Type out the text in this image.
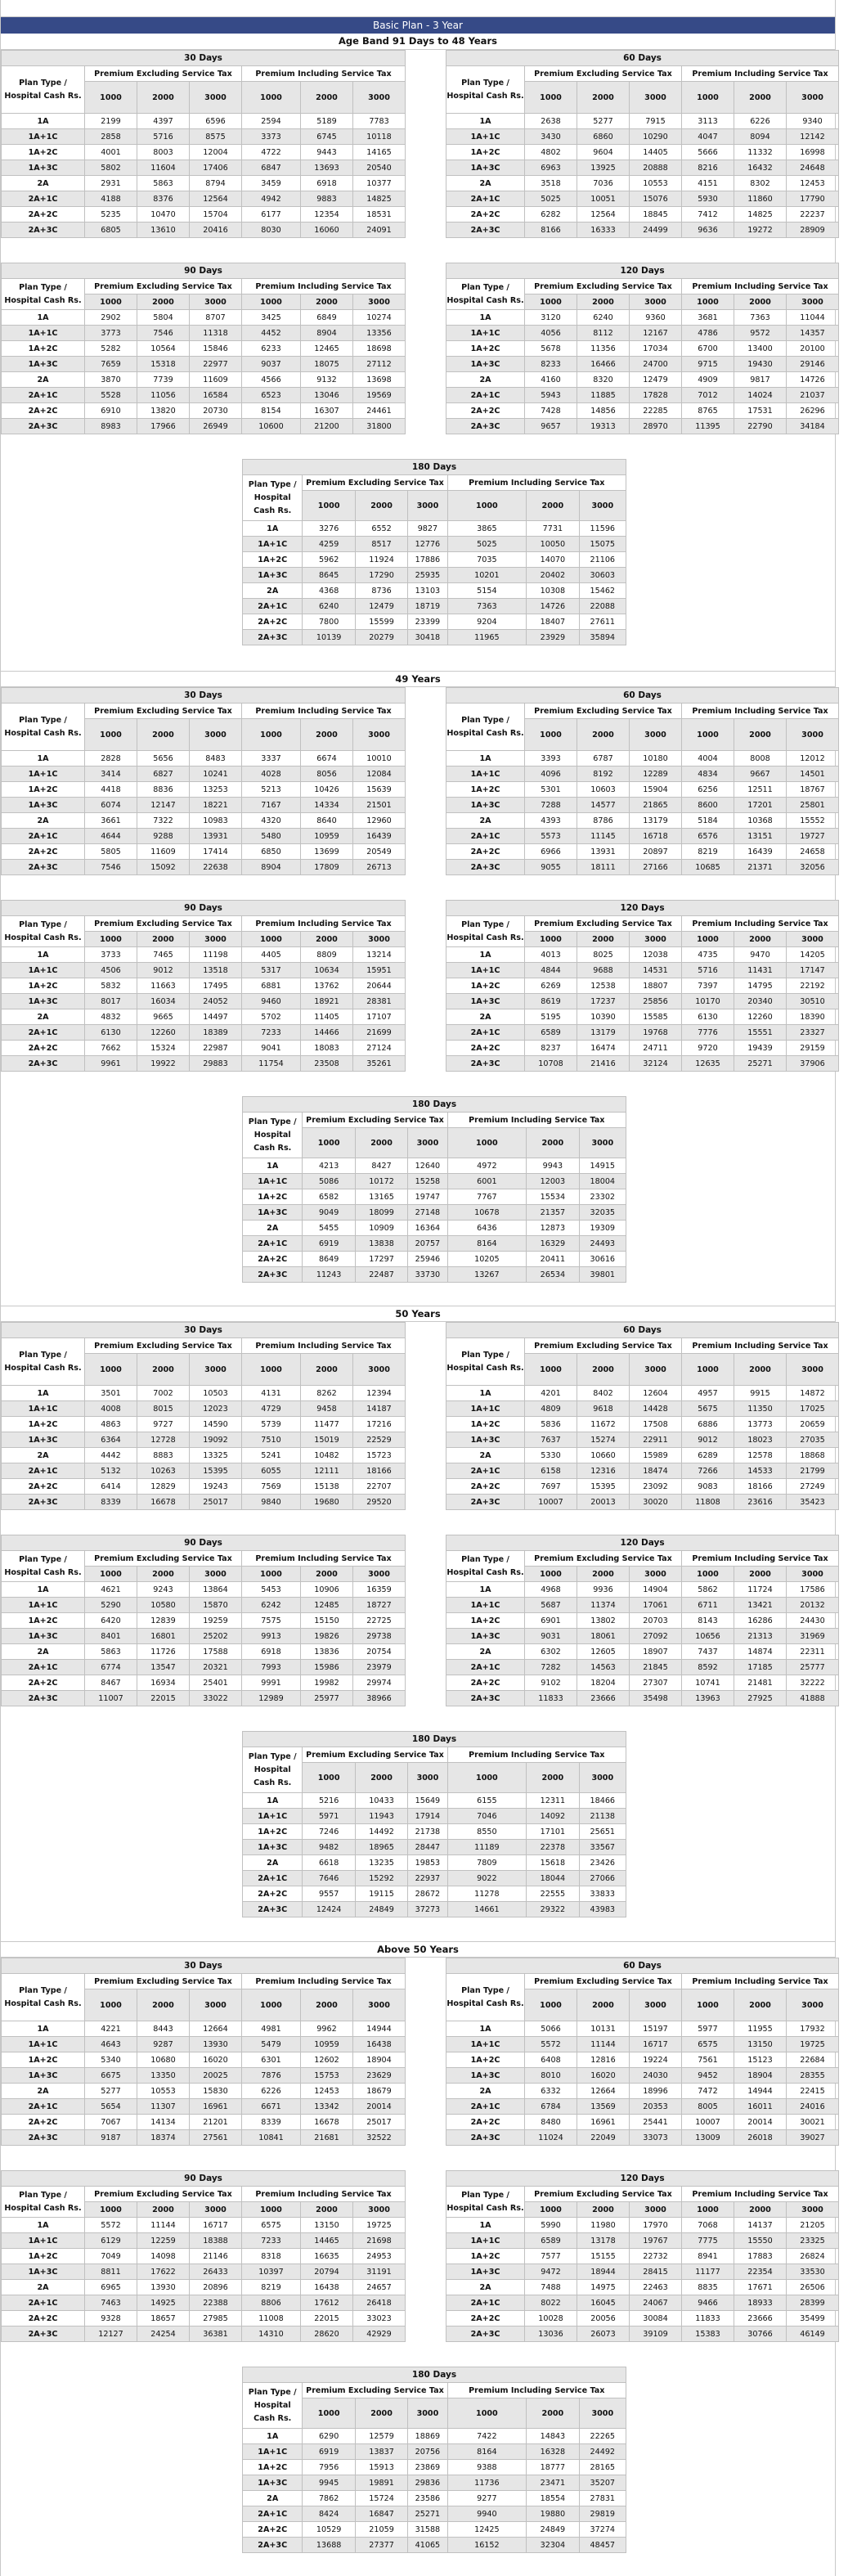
Basic Plan - 3 Year
Age Band 91 Days to 48 Years
30 Days						

Plan Type /
Hospital Cash Rs.	Premium Excluding Service Tax			Premium Including Service Tax		
	1000	2000	3000	1000	2000	3000
1A	2199	4397	6596	2594	5189	7783
1A+1C	2858	5716	8575	3373	6745	10118
1A+2C	4001	8003	12004	4722	9443	14165
1A+3C	5802	11604	17406	6847	13693	20540
2A	2931	5863	8794	3459	6918	10377
2A+1C	4188	8376	12564	4942	9883	14825
2A+2C	5235	10470	15704	6177	12354	18531
2A+3C	6805	13610	20416	8030	16060	24091
60 Days						

Plan Type /
Hospital Cash Rs.	Premium Excluding Service Tax			Premium Including Service Tax		
	1000	2000	3000	1000	2000	3000
1A	2638	5277	7915	3113	6226	9340
1A+1C	3430	6860	10290	4047	8094	12142
1A+2C	4802	9604	14405	5666	11332	16998
1A+3C	6963	13925	20888	8216	16432	24648
2A	3518	7036	10553	4151	8302	12453
2A+1C	5025	10051	15076	5930	11860	17790
2A+2C	6282	12564	18845	7412	14825	22237
2A+3C	8166	16333	24499	9636	19272	28909
90 Days						

Plan Type /
Hospital Cash Rs.	Premium Excluding Service Tax			Premium Including Service Tax		
	1000	2000	3000	1000	2000	3000
1A	2902	5804	8707	3425	6849	10274
1A+1C	3773	7546	11318	4452	8904	13356
1A+2C	5282	10564	15846	6233	12465	18698
1A+3C	7659	15318	22977	9037	18075	27112
2A	3870	7739	11609	4566	9132	13698
2A+1C	5528	11056	16584	6523	13046	19569
2A+2C	6910	13820	20730	8154	16307	24461
2A+3C	8983	17966	26949	10600	21200	31800
120 Days						

Plan Type /
Hospital Cash Rs.	Premium Excluding Service Tax			Premium Including Service Tax		
	1000	2000	3000	1000	2000	3000
1A	3120	6240	9360	3681	7363	11044
1A+1C	4056	8112	12167	4786	9572	14357
1A+2C	5678	11356	17034	6700	13400	20100
1A+3C	8233	16466	24700	9715	19430	29146
2A	4160	8320	12479	4909	9817	14726
2A+1C	5943	11885	17828	7012	14024	21037
2A+2C	7428	14856	22285	8765	17531	26296
2A+3C	9657	19313	28970	11395	22790	34184
180 Days						

Plan Type /
Hospital
Cash Rs.	Premium Excluding Service Tax			Premium Including Service Tax		
	1000	2000	3000	1000	2000	3000
1A	3276	6552	9827	3865	7731	11596
1A+1C	4259	8517	12776	5025	10050	15075
1A+2C	5962	11924	17886	7035	14070	21106
1A+3C	8645	17290	25935	10201	20402	30603
2A	4368	8736	13103	5154	10308	15462
2A+1C	6240	12479	18719	7363	14726	22088
2A+2C	7800	15599	23399	9204	18407	27611
2A+3C	10139	20279	30418	11965	23929	35894
49 Years
30 Days						

Plan Type /
Hospital Cash Rs.	Premium Excluding Service Tax			Premium Including Service Tax		
	1000	2000	3000	1000	2000	3000
1A	2828	5656	8483	3337	6674	10010
1A+1C	3414	6827	10241	4028	8056	12084
1A+2C	4418	8836	13253	5213	10426	15639
1A+3C	6074	12147	18221	7167	14334	21501
2A	3661	7322	10983	4320	8640	12960
2A+1C	4644	9288	13931	5480	10959	16439
2A+2C	5805	11609	17414	6850	13699	20549
2A+3C	7546	15092	22638	8904	17809	26713
60 Days						

Plan Type /
Hospital Cash Rs.	Premium Excluding Service Tax			Premium Including Service Tax		
	1000	2000	3000	1000	2000	3000
1A	3393	6787	10180	4004	8008	12012
1A+1C	4096	8192	12289	4834	9667	14501
1A+2C	5301	10603	15904	6256	12511	18767
1A+3C	7288	14577	21865	8600	17201	25801
2A	4393	8786	13179	5184	10368	15552
2A+1C	5573	11145	16718	6576	13151	19727
2A+2C	6966	13931	20897	8219	16439	24658
2A+3C	9055	18111	27166	10685	21371	32056
90 Days						

Plan Type /
Hospital Cash Rs.	Premium Excluding Service Tax			Premium Including Service Tax		
	1000	2000	3000	1000	2000	3000
1A	3733	7465	11198	4405	8809	13214
1A+1C	4506	9012	13518	5317	10634	15951
1A+2C	5832	11663	17495	6881	13762	20644
1A+3C	8017	16034	24052	9460	18921	28381
2A	4832	9665	14497	5702	11405	17107
2A+1C	6130	12260	18389	7233	14466	21699
2A+2C	7662	15324	22987	9041	18083	27124
2A+3C	9961	19922	29883	11754	23508	35261
120 Days						

Plan Type /
Hospital Cash Rs.	Premium Excluding Service Tax			Premium Including Service Tax		
	1000	2000	3000	1000	2000	3000
1A	4013	8025	12038	4735	9470	14205
1A+1C	4844	9688	14531	5716	11431	17147
1A+2C	6269	12538	18807	7397	14795	22192
1A+3C	8619	17237	25856	10170	20340	30510
2A	5195	10390	15585	6130	12260	18390
2A+1C	6589	13179	19768	7776	15551	23327
2A+2C	8237	16474	24711	9720	19439	29159
2A+3C	10708	21416	32124	12635	25271	37906
180 Days						

Plan Type /
Hospital
Cash Rs.	Premium Excluding Service Tax			Premium Including Service Tax		
	1000	2000	3000	1000	2000	3000
1A	4213	8427	12640	4972	9943	14915
1A+1C	5086	10172	15258	6001	12003	18004
1A+2C	6582	13165	19747	7767	15534	23302
1A+3C	9049	18099	27148	10678	21357	32035
2A	5455	10909	16364	6436	12873	19309
2A+1C	6919	13838	20757	8164	16329	24493
2A+2C	8649	17297	25946	10205	20411	30616
2A+3C	11243	22487	33730	13267	26534	39801
50 Years
30 Days						

Plan Type /
Hospital Cash Rs.	Premium Excluding Service Tax			Premium Including Service Tax		
	1000	2000	3000	1000	2000	3000
1A	3501	7002	10503	4131	8262	12394
1A+1C	4008	8015	12023	4729	9458	14187
1A+2C	4863	9727	14590	5739	11477	17216
1A+3C	6364	12728	19092	7510	15019	22529
2A	4442	8883	13325	5241	10482	15723
2A+1C	5132	10263	15395	6055	12111	18166
2A+2C	6414	12829	19243	7569	15138	22707
2A+3C	8339	16678	25017	9840	19680	29520
60 Days						

Plan Type /
Hospital Cash Rs.	Premium Excluding Service Tax			Premium Including Service Tax		
	1000	2000	3000	1000	2000	3000
1A	4201	8402	12604	4957	9915	14872
1A+1C	4809	9618	14428	5675	11350	17025
1A+2C	5836	11672	17508	6886	13773	20659
1A+3C	7637	15274	22911	9012	18023	27035
2A	5330	10660	15989	6289	12578	18868
2A+1C	6158	12316	18474	7266	14533	21799
2A+2C	7697	15395	23092	9083	18166	27249
2A+3C	10007	20013	30020	11808	23616	35423
90 Days						

Plan Type /
Hospital Cash Rs.	Premium Excluding Service Tax			Premium Including Service Tax		
	1000	2000	3000	1000	2000	3000
1A	4621	9243	13864	5453	10906	16359
1A+1C	5290	10580	15870	6242	12485	18727
1A+2C	6420	12839	19259	7575	15150	22725
1A+3C	8401	16801	25202	9913	19826	29738
2A	5863	11726	17588	6918	13836	20754
2A+1C	6774	13547	20321	7993	15986	23979
2A+2C	8467	16934	25401	9991	19982	29974
2A+3C	11007	22015	33022	12989	25977	38966
120 Days						

Plan Type /
Hospital Cash Rs.	Premium Excluding Service Tax			Premium Including Service Tax		
	1000	2000	3000	1000	2000	3000
1A	4968	9936	14904	5862	11724	17586
1A+1C	5687	11374	17061	6711	13421	20132
1A+2C	6901	13802	20703	8143	16286	24430
1A+3C	9031	18061	27092	10656	21313	31969
2A	6302	12605	18907	7437	14874	22311
2A+1C	7282	14563	21845	8592	17185	25777
2A+2C	9102	18204	27307	10741	21481	32222
2A+3C	11833	23666	35498	13963	27925	41888
180 Days						

Plan Type /
Hospital
Cash Rs.	Premium Excluding Service Tax			Premium Including Service Tax		
	1000	2000	3000	1000	2000	3000
1A	5216	10433	15649	6155	12311	18466
1A+1C	5971	11943	17914	7046	14092	21138
1A+2C	7246	14492	21738	8550	17101	25651
1A+3C	9482	18965	28447	11189	22378	33567
2A	6618	13235	19853	7809	15618	23426
2A+1C	7646	15292	22937	9022	18044	27066
2A+2C	9557	19115	28672	11278	22555	33833
2A+3C	12424	24849	37273	14661	29322	43983
Above 50 Years
30 Days						

Plan Type /
Hospital Cash Rs.	Premium Excluding Service Tax			Premium Including Service Tax		
	1000	2000	3000	1000	2000	3000
1A	4221	8443	12664	4981	9962	14944
1A+1C	4643	9287	13930	5479	10959	16438
1A+2C	5340	10680	16020	6301	12602	18904
1A+3C	6675	13350	20025	7876	15753	23629
2A	5277	10553	15830	6226	12453	18679
2A+1C	5654	11307	16961	6671	13342	20014
2A+2C	7067	14134	21201	8339	16678	25017
2A+3C	9187	18374	27561	10841	21681	32522
60 Days						

Plan Type /
Hospital Cash Rs.	Premium Excluding Service Tax			Premium Including Service Tax		
	1000	2000	3000	1000	2000	3000
1A	5066	10131	15197	5977	11955	17932
1A+1C	5572	11144	16717	6575	13150	19725
1A+2C	6408	12816	19224	7561	15123	22684
1A+3C	8010	16020	24030	9452	18904	28355
2A	6332	12664	18996	7472	14944	22415
2A+1C	6784	13569	20353	8005	16011	24016
2A+2C	8480	16961	25441	10007	20014	30021
2A+3C	11024	22049	33073	13009	26018	39027
90 Days						

Plan Type /
Hospital Cash Rs.	Premium Excluding Service Tax			Premium Including Service Tax		
	1000	2000	3000	1000	2000	3000
1A	5572	11144	16717	6575	13150	19725
1A+1C	6129	12259	18388	7233	14465	21698
1A+2C	7049	14098	21146	8318	16635	24953
1A+3C	8811	17622	26433	10397	20794	31191
2A	6965	13930	20896	8219	16438	24657
2A+1C	7463	14925	22388	8806	17612	26418
2A+2C	9328	18657	27985	11008	22015	33023
2A+3C	12127	24254	36381	14310	28620	42929
120 Days						

Plan Type /
Hospital Cash Rs.	Premium Excluding Service Tax			Premium Including Service Tax		
	1000	2000	3000	1000	2000	3000
1A	5990	11980	17970	7068	14137	21205
1A+1C	6589	13178	19767	7775	15550	23325
1A+2C	7577	15155	22732	8941	17883	26824
1A+3C	9472	18944	28415	11177	22354	33530
2A	7488	14975	22463	8835	17671	26506
2A+1C	8022	16045	24067	9466	18933	28399
2A+2C	10028	20056	30084	11833	23666	35499
2A+3C	13036	26073	39109	15383	30766	46149
180 Days						

Plan Type /
Hospital
Cash Rs.	Premium Excluding Service Tax			Premium Including Service Tax		
	1000	2000	3000	1000	2000	3000
1A	6290	12579	18869	7422	14843	22265
1A+1C	6919	13837	20756	8164	16328	24492
1A+2C	7956	15913	23869	9388	18777	28165
1A+3C	9945	19891	29836	11736	23471	35207
2A	7862	15724	23586	9277	18554	27831
2A+1C	8424	16847	25271	9940	19880	29819
2A+2C	10529	21059	31588	12425	24849	37274
2A+3C	13688	27377	41065	16152	32304	48457
